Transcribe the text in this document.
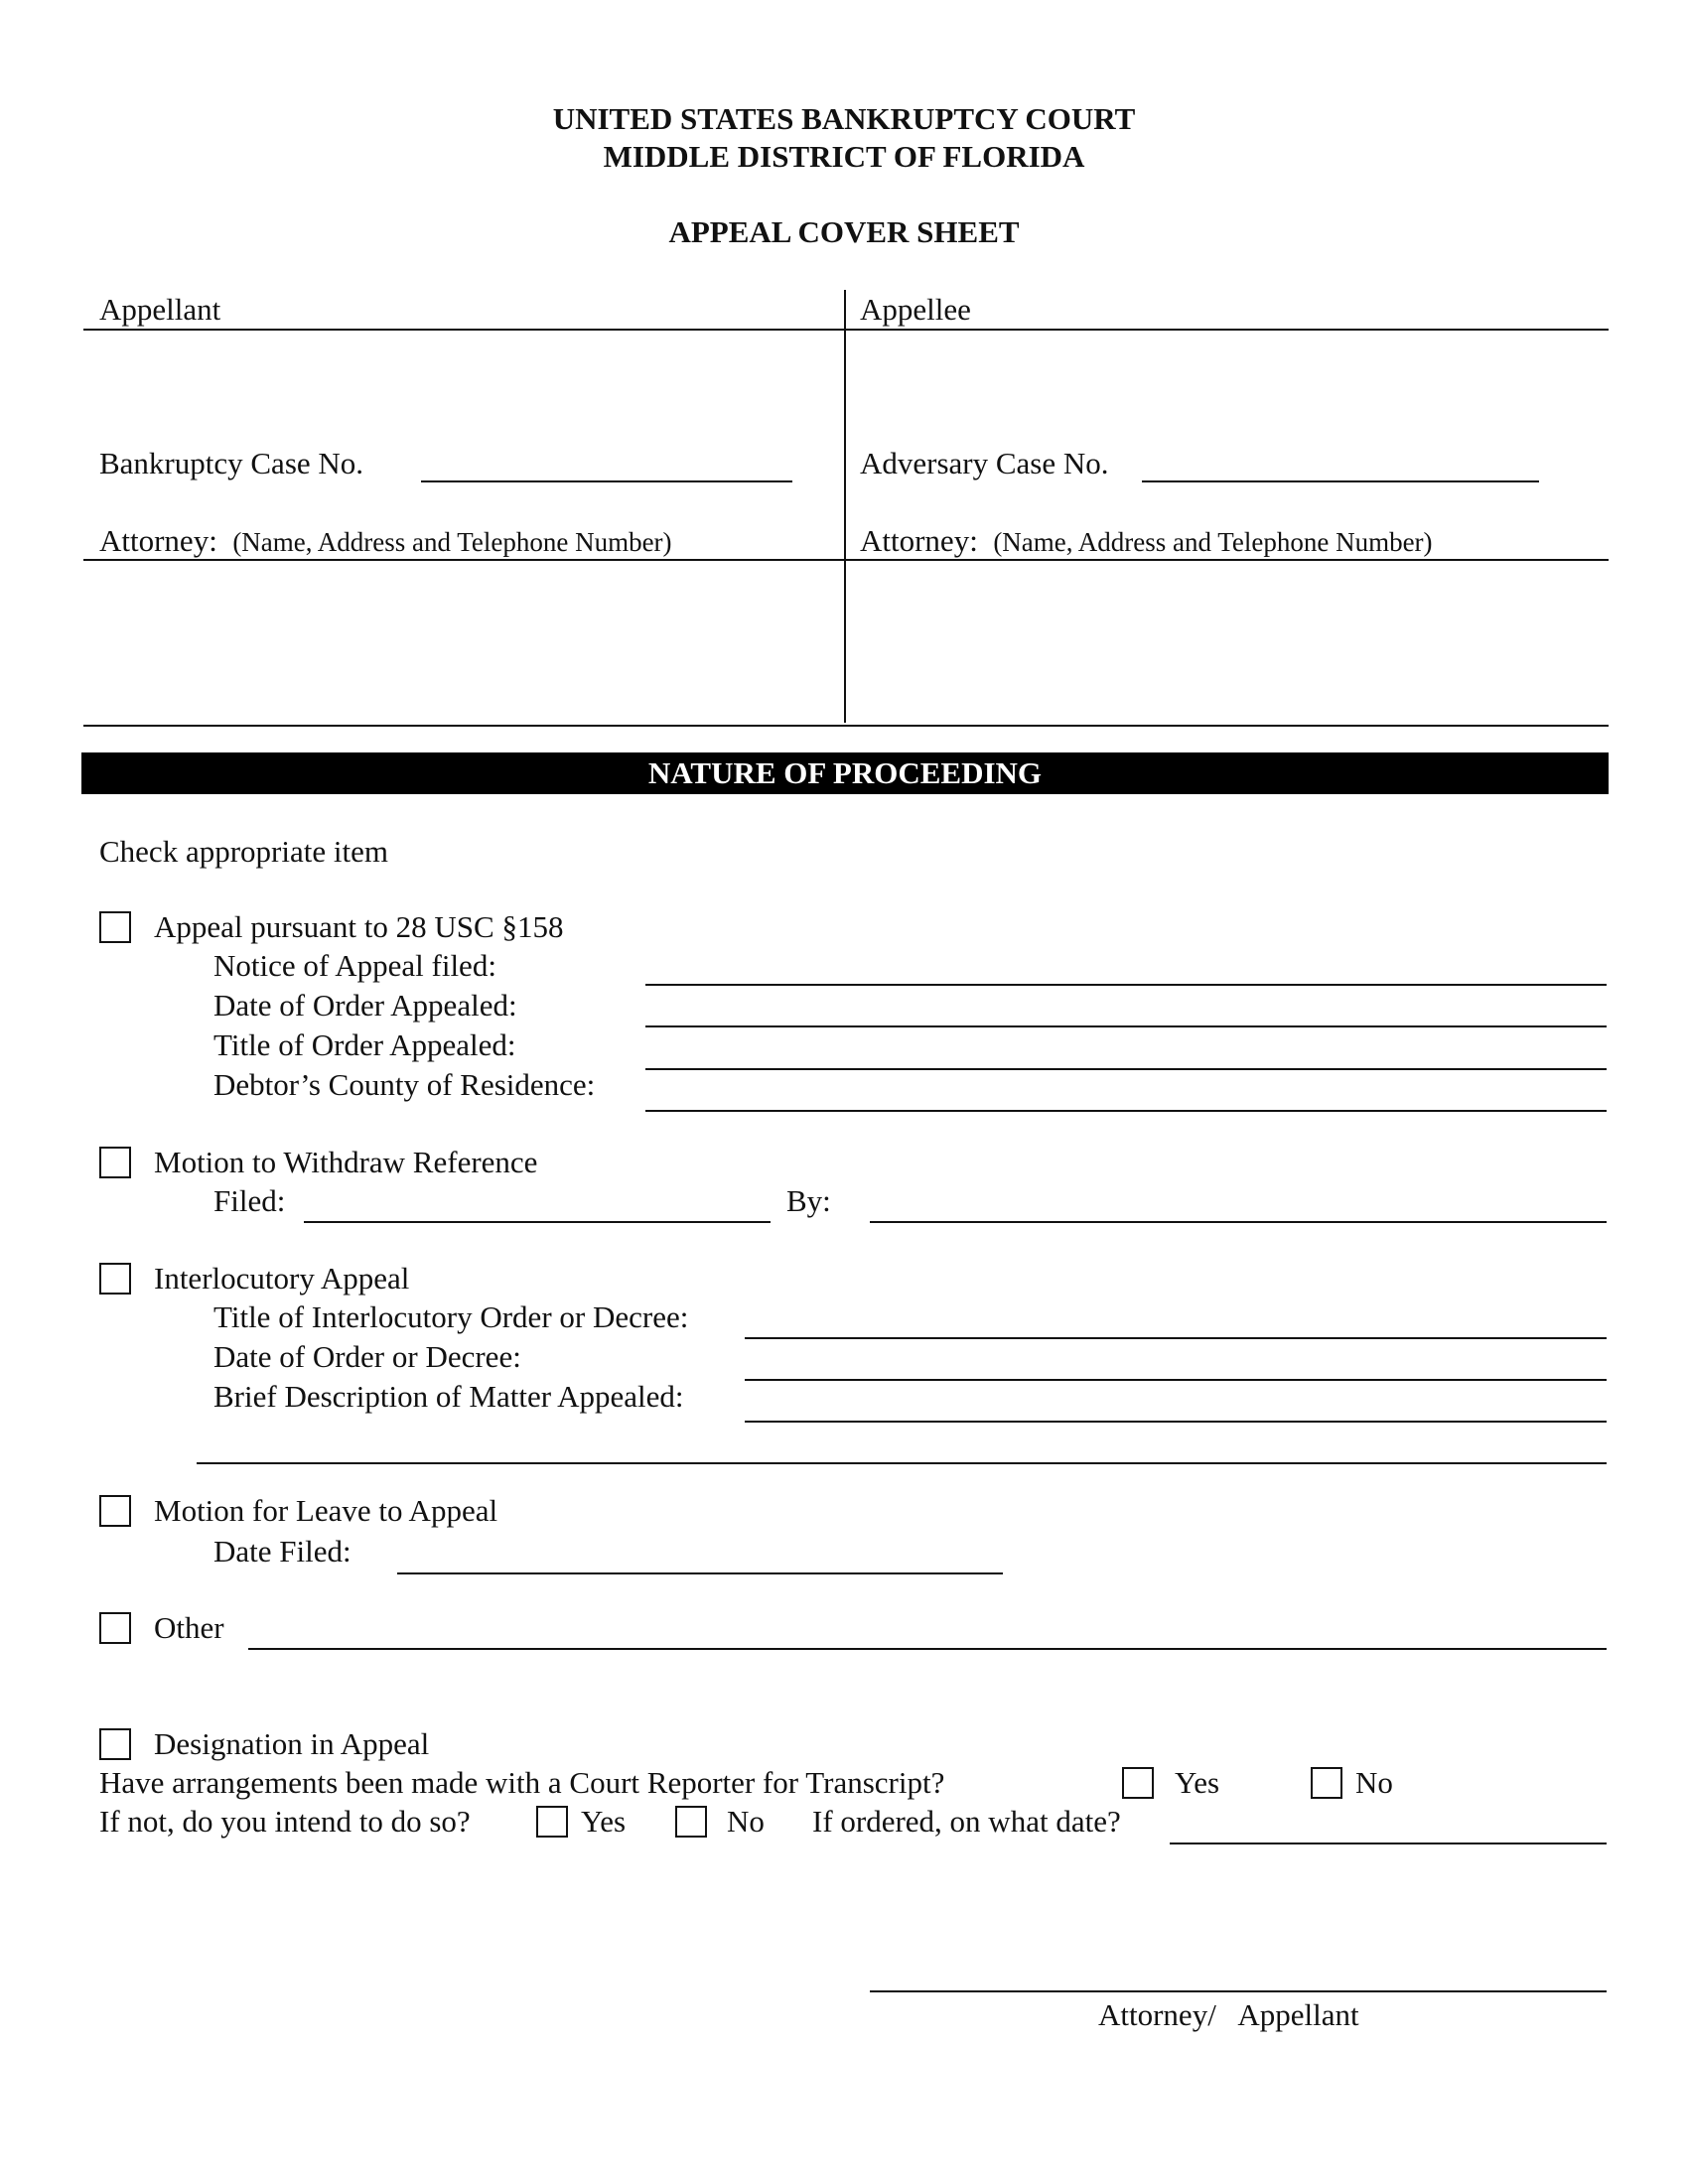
UNITED STATES BANKRUPTCY COURT
MIDDLE DISTRICT OF FLORIDA
APPEAL COVER SHEET
Appellant	Appellee
Bankruptcy Case No.	Adversary Case No.
Attorney: (Name, Address and Telephone Number)	Attorney: (Name, Address and Telephone Number)
NATURE OF PROCEEDING
Check appropriate item
Appeal pursuant to 28 USC §158
Notice of Appeal filed:
Date of Order Appealed:
Title of Order Appealed:
Debtor’s County of Residence:
Motion to Withdraw Reference
Filed:	By:
Interlocutory Appeal
Title of Interlocutory Order or Decree:
Date of Order or Decree:
Brief Description of Matter Appealed:
Motion for Leave to Appeal
Date Filed:
Other
Designation in Appeal
Have arrangements been made with a Court Reporter for Transcript?	Yes	No
If not, do you intend to do so?	Yes	No If ordered, on what date?
Attorney/   Appellant
